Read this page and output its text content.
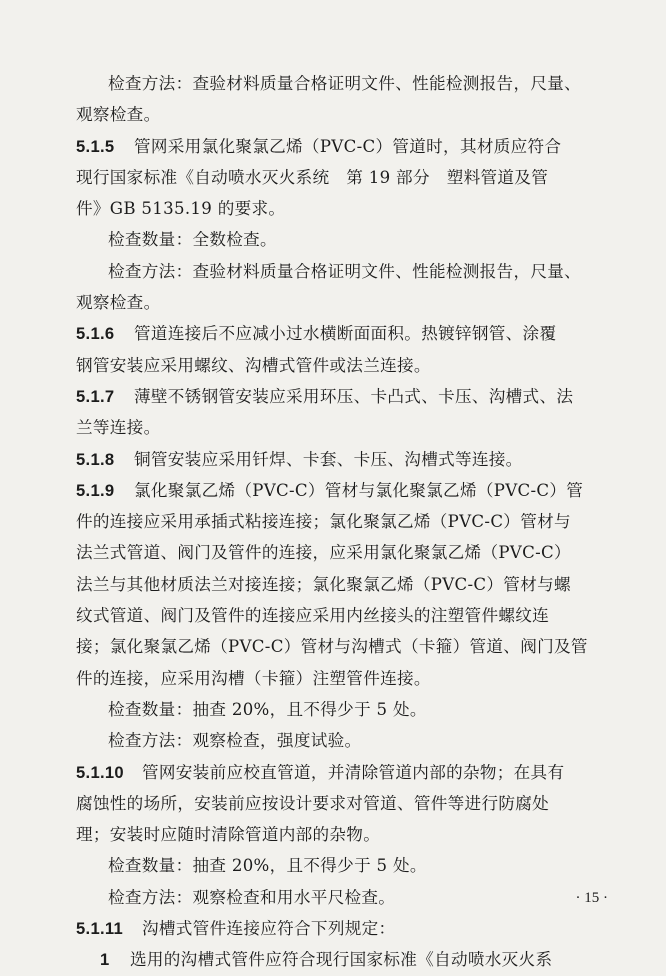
检查方法：查验材料质量合格证明文件、性能检测报告，尺量、
观察检查。
5.1.5 管网采用氯化聚氯乙烯（PVC-C）管道时，其材质应符合
现行国家标准《自动喷水灭火系统　第 19 部分　塑料管道及管
件》GB 5135.19 的要求。
检查数量：全数检查。
检查方法：查验材料质量合格证明文件、性能检测报告，尺量、
观察检查。
5.1.6 管道连接后不应减小过水横断面面积。热镀锌钢管、涂覆
钢管安装应采用螺纹、沟槽式管件或法兰连接。
5.1.7 薄壁不锈钢管安装应采用环压、卡凸式、卡压、沟槽式、法
兰等连接。
5.1.8 铜管安装应采用钎焊、卡套、卡压、沟槽式等连接。
5.1.9 氯化聚氯乙烯（PVC-C）管材与氯化聚氯乙烯（PVC-C）管
件的连接应采用承插式粘接连接；氯化聚氯乙烯（PVC-C）管材与
法兰式管道、阀门及管件的连接，应采用氯化聚氯乙烯（PVC-C）
法兰与其他材质法兰对接连接；氯化聚氯乙烯（PVC-C）管材与螺
纹式管道、阀门及管件的连接应采用内丝接头的注塑管件螺纹连
接；氯化聚氯乙烯（PVC-C）管材与沟槽式（卡箍）管道、阀门及管
件的连接，应采用沟槽（卡箍）注塑管件连接。
检查数量：抽查 20%，且不得少于 5 处。
检查方法：观察检查，强度试验。
5.1.10 管网安装前应校直管道，并清除管道内部的杂物；在具有
腐蚀性的场所，安装前应按设计要求对管道、管件等进行防腐处
理；安装时应随时清除管道内部的杂物。
检查数量：抽查 20%，且不得少于 5 处。
检查方法：观察检查和用水平尺检查。
5.1.11 沟槽式管件连接应符合下列规定：
1 选用的沟槽式管件应符合现行国家标准《自动喷水灭火系
· 15 ·
